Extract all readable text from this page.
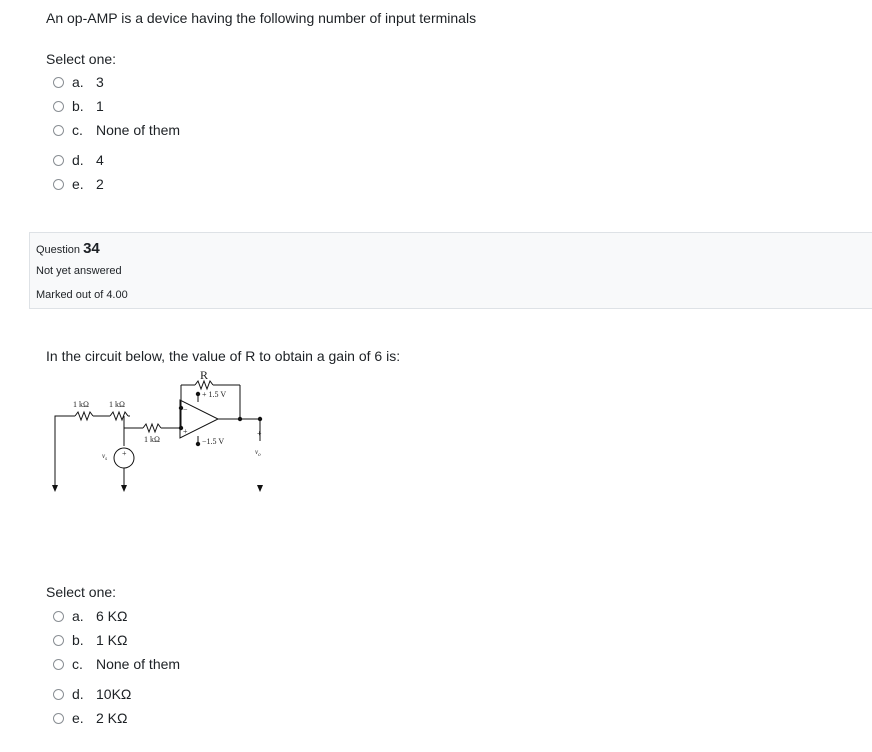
An op-AMP is a device having the following number of input terminals
Select one:
a. 3
b. 1
c. None of them
d. 4
e. 2
Question 34
Not yet answered
Marked out of 4.00
In the circuit below, the value of R to obtain a gain of 6 is:
R
1 kΩ	1 kΩ
1 kΩ
+ 1.5 V
−1.5 V
−
+
+
$v_s$
$v_o$
+
Select one:
a. 6 KΩ
b. 1 KΩ
c. None of them
d. 10KΩ
e. 2 KΩ
